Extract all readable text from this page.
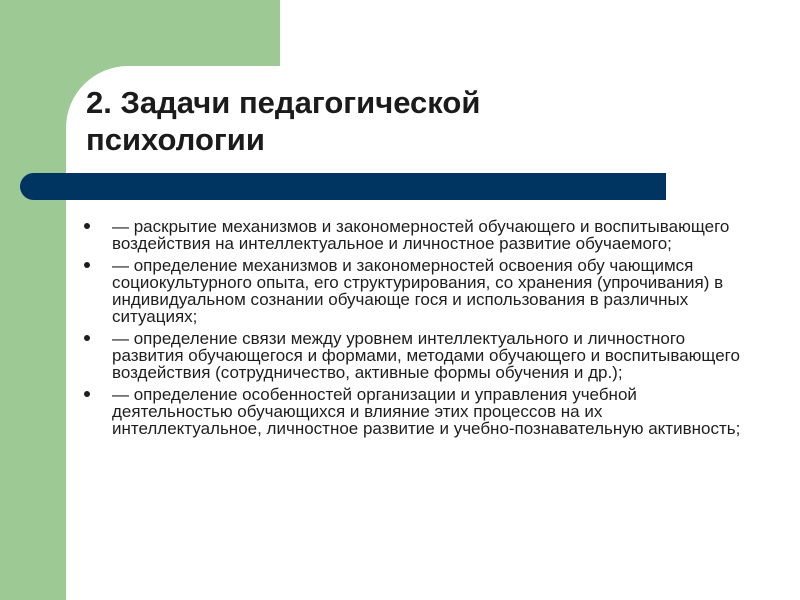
2. Задачи педагогической психологии
— раскрытие механизмов и закономерностей обучающего и воспитывающего воздействия на интеллектуальное и личностное развитие обучаемого;
— определение механизмов и закономерностей освоения обу чающимся социокультурного опыта, его структурирования, со хранения (упрочивания) в индивидуальном сознании обучающе гося и использования в различных ситуациях;
— определение связи между уровнем интеллектуального и личностного развития обучающегося и формами, методами обучающего и воспитывающего воздействия (сотрудничество, активные формы обучения и др.);
— определение особенностей организации и управления учебной деятельностью обучающихся и влияние этих процессов на их интеллектуальное, личностное развитие и учебно-познавательную активность;
